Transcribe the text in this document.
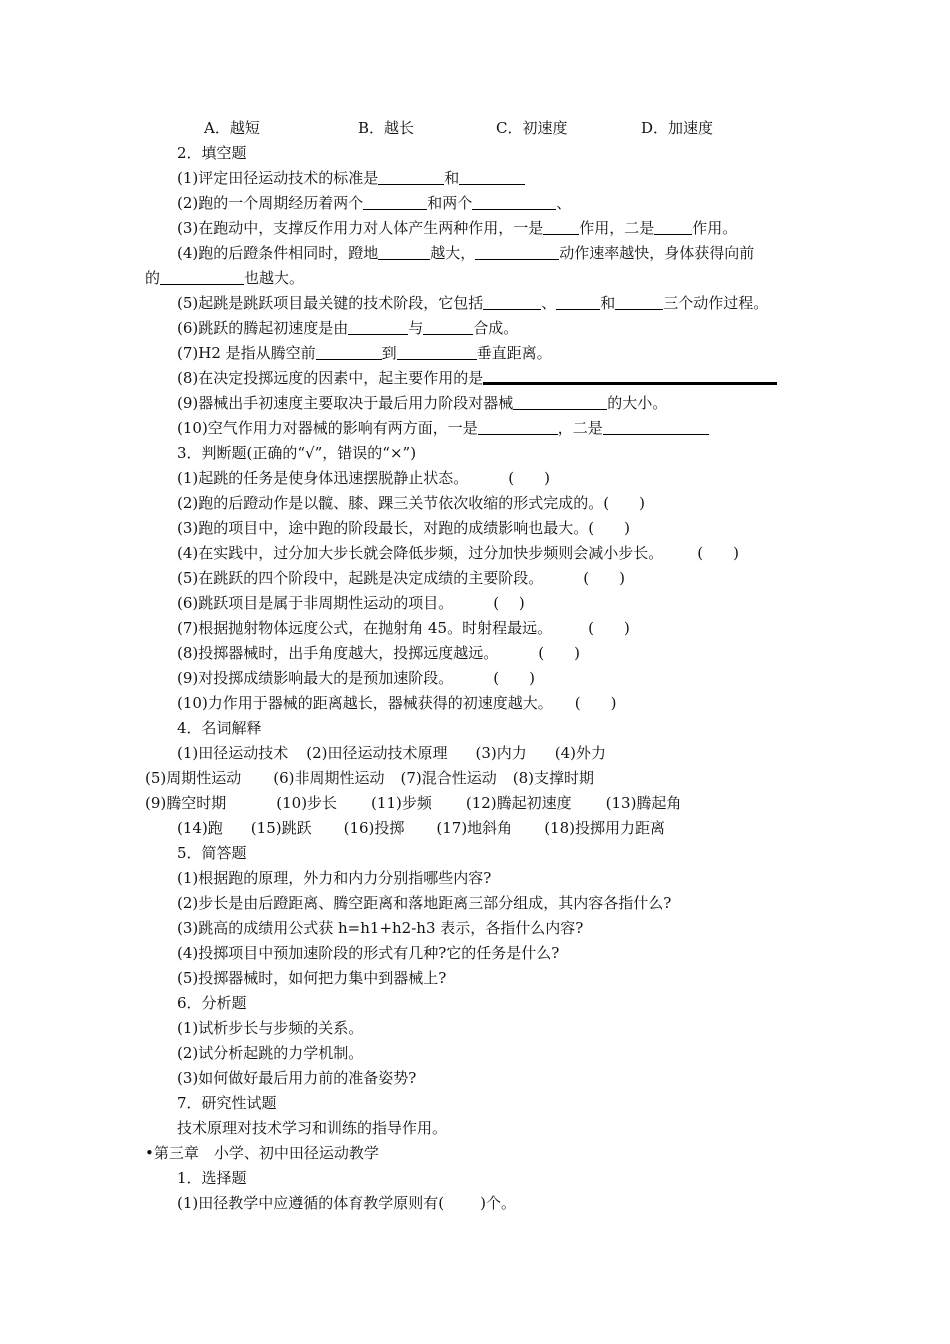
A．越短	B．越长	C．初速度	D．加速度
2．填空题
(1)评定田径运动技术的标准是	和
(2)跑的一个周期经历着两个	和两个	、
(3)在跑动中，支撑反作用力对人体产生两种作用，一是 作用，二是	作用。
(4)跑的后蹬条件相同时，蹬地	越大，	动作速率越快，身体获得向前
的	也越大。
(5)起跳是跳跃项目最关键的技术阶段，它包括	、	和	三个动作过程。
(6)跳跃的腾起初速度是由	与	合成。
(7)H2 是指从腾空前	到	垂直距离。
(8)在决定投掷远度的因素中，起主要作用的是
(9)器械出手初速度主要取决于最后用力阶段对器械	的大小。
(10)空气作用力对器械的影响有两方面，一是	，二是
3．判断题(正确的“√”，错误的“×”)
(1)起跳的任务是使身体迅速摆脱静止状态。	(　　)
(2)跑的后蹬动作是以髋、膝、踝三关节依次收缩的形式完成的。(　　)
(3)跑的项目中，途中跑的阶段最长，对跑的成绩影响也最大。(　　)
(4)在实践中，过分加大步长就会降低步频，过分加快步频则会减小步长。 (　　)
(5)在跳跃的四个阶段中，起跳是决定成绩的主要阶段。	(　　)
(6)跳跃项目是属于非周期性运动的项目。	(　 )
(7)根据抛射物体远度公式，在抛射角 45。时射程最远。 (　　)
(8)投掷器械时，出手角度越大，投掷远度越远。	(　　)
(9)对投掷成绩影响最大的是预加速阶段。	(　　)
(10)力作用于器械的距离越长，器械获得的初速度越大。 (　　)
4．名词解释
(1)田径运动技术 (2)田径运动技术原理 (3)内力 (4)外力
(5)周期性运动 (6)非周期性运动 (7)混合性运动 (8)支撑时期
(9)腾空时期	(10)步长 (11)步频 (12)腾起初速度 (13)腾起角
(14)跑 (15)跳跃 (16)投掷 (17)地斜角 (18)投掷用力距离
5．简答题
(1)根据跑的原理，外力和内力分别指哪些内容?
(2)步长是由后蹬距离、腾空距离和落地距离三部分组成，其内容各指什么?
(3)跳高的成绩用公式获 h=h1+h2-h3 表示，各指什么内容?
(4)投掷项目中预加速阶段的形式有几种?它的任务是什么?
(5)投掷器械时，如何把力集中到器械上?
6．分析题
(1)试析步长与步频的关系。
(2)试分析起跳的力学机制。
(3)如何做好最后用力前的准备姿势?
7．研究性试题
技术原理对技术学习和训练的指导作用。
•第三章　小学、初中田径运动教学
1．选择题
(1)田径教学中应遵循的体育教学原则有( )个。
